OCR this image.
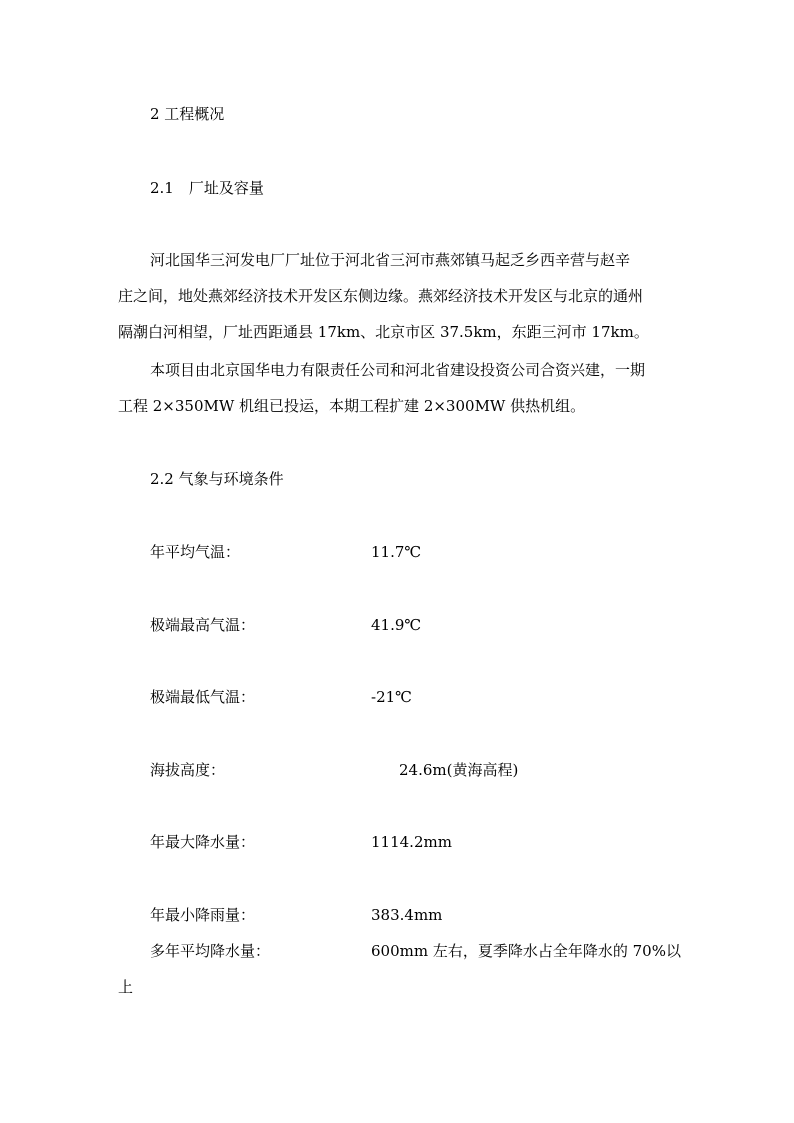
2 工程概况
2.1　厂址及容量
河北国华三河发电厂厂址位于河北省三河市燕郊镇马起乏乡西辛营与赵辛
庄之间，地处燕郊经济技术开发区东侧边缘。燕郊经济技术开发区与北京的通州
隔潮白河相望，厂址西距通县 17km、北京市区 37.5km，东距三河市 17km。
本项目由北京国华电力有限责任公司和河北省建设投资公司合资兴建，一期
工程 2×350MW 机组已投运，本期工程扩建 2×300MW 供热机组。
2.2 气象与环境条件
年平均气温：	11.7℃
极端最高气温：	41.9℃
极端最低气温：	-21℃
海拔高度：	24.6m(黄海高程)
年最大降水量：	1114.2mm
年最小降雨量：	383.4mm
多年平均降水量：	600mm 左右，夏季降水占全年降水的 70%以
上
